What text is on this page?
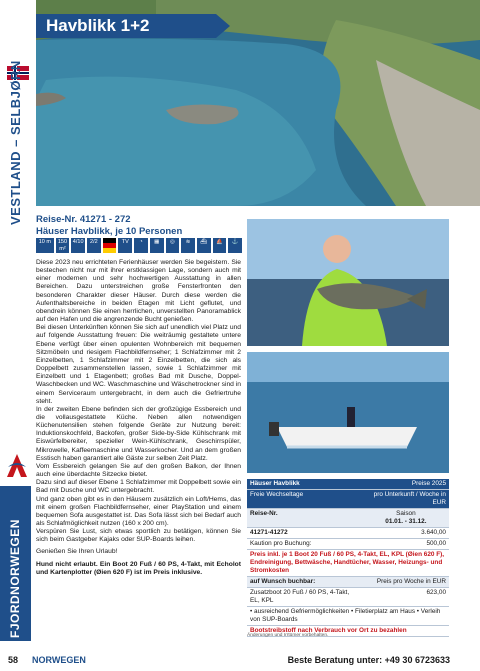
VESTLAND – SELBJØRN
FJORDNORWEGEN
Havblikk 1+2
Reise-Nr. 41271 - 272
Häuser Havblikk, je 10 Personen
10 m	150 m²
4/10	2/2	TV	◔	▦	◎	≋	⛴	⛵	⚓

Diese 2023 neu errichteten Ferienhäuser werden Sie begeistern. Sie bestechen nicht nur mit ihrer erstklassigen Lage, sondern auch mit einer modernen und sehr hochwertigen Ausstattung in allen Bereichen. Dazu unterstreichen große Fensterfronten den besonderen Charakter dieser Häuser. Durch diese werden die Aufenthaltsbereiche in beiden Etagen mit Licht geflutet, und obendrein können Sie einen herrlichen, unverstellten Panoramablick auf den Hafen und die angrenzende Bucht genießen.

Bei diesen Unterkünften können Sie sich auf unendlich viel Platz und auf folgende Ausstattung freuen: Die weiträumig gestaltete untere Ebene verfügt über einen opulenten Wohnbereich mit bequemen Sitzmöbeln und riesigem Flachbildfernseher; 1 Schlafzimmer mit 2 Einzelbetten, 1 Schlafzimmer mit 2 Einzelbetten, die sich als Doppelbett zusammenstellen lassen, sowie 1 Schlafzimmer mit Einzelbett und 1 Etagenbett; großes Bad mit Dusche, Doppel-Waschbecken und WC. Waschmaschine und Wäschetrockner sind in einem Serviceraum untergebracht, in dem auch die Gefriertruhe steht.

In der zweiten Ebene befinden sich der großzügige Essbereich und die vollausgestattete Küche. Neben allen notwendigen Küchenutensilien stehen folgende Geräte zur Nutzung bereit: Induktionskochfeld, Backofen, großer Side-by-Side Kühlschrank mit Eiswürfelbereiter, spezieller Wein-Kühlschrank, Geschirrspüler, Mikrowelle, Kaffeemaschine und Wasserkocher. Und an dem großen Esstisch haben garantiert alle Gäste zur selben Zeit Platz.

Vom Essbereich gelangen Sie auf den großen Balkon, der Ihnen auch eine überdachte Sitzecke bietet.

Dazu sind auf dieser Ebene 1 Schlafzimmer mit Doppelbett sowie ein Bad mit Dusche und WC untergebracht.

Und ganz oben gibt es in den Häusern zusätzlich ein Loft/Hems, das mit einem großen Flachbildfernseher, einer PlayStation und einem bequemen Sofa ausgestattet ist. Das Sofa lässt sich bei Bedarf auch als Schlafmöglichkeit nutzen (160 x 200 cm).

Verspüren Sie Lust, sich etwas sportlich zu betätigen, können Sie sich beim Gastgeber Kajaks oder SUP-Boards leihen.

Genießen Sie Ihren Urlaub!

Hund nicht erlaubt. Ein Boot 20 Fuß / 60 PS, 4-Takt, mit Echolot und Kartenplotter (Øien 620 F) ist im Preis inklusive.

Häuser Havblikk	Preise 2025
Freie Wechseltage	pro Unterkunft / Woche in EUR
Reise-Nr.	Saison
01.01. - 31.12.

41271-41272	3.640,00
Kaution pro Buchung:	500,00
Preis inkl. je 1 Boot 20 Fuß / 60 PS, 4-Takt, EL, KPL (Øien 620 F), Endreinigung, Bettwäsche, Handtücher, Wasser, Heizungs- und Stromkosten	
auf Wunsch buchbar:	Preis pro Woche in EUR
Zusatzboot 20 Fuß / 60 PS, 4-Takt, EL, KPL	623,00
• ausreichend Gefriermöglichkeiten • Filetierplatz am Haus • Verleih von SUP-Boards	
Bootstreibstoff nach Verbrauch vor Ort zu bezahlen	
Änderungen und Irrtümer vorbehalten.
58 NORWEGEN	Beste Beratung unter: +49 30 6723633
